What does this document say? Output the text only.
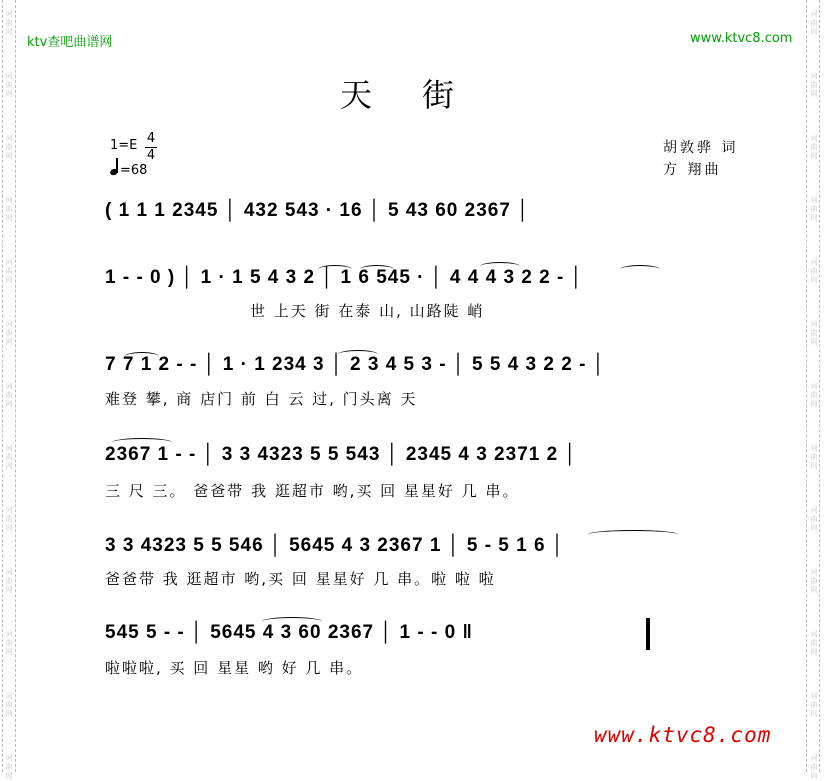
词
曲
网
词
曲
网
词
曲
网
词
曲
网
词
曲
网
词
曲
网
词
曲
网
词
曲
网
词
曲
网
词
曲
网
词
曲
网
词
曲
网
词
曲
网
词
曲
网
词
曲
网
词
曲
网
词
曲
网
词
曲
网
词
曲
网
词
曲
网
词
曲
网
词
曲
网
词
曲
网
词
曲
网
词
曲
网
词
曲
网
ktv查吧曲谱网	www.ktvc8.com
天街
1=E 4
4
=68
胡敦骅 词
方 翔曲
( 1 1 1 2345 │ 432 543 · 16 │ 5 43 60 2367 │
1 - - 0 ) │ 1 · 1 5 4 3 2 │ 1 6 545 · │ 4 4 4 3 2 2 - │
世 上天 街 在泰 山, 山路陡 峭
7 7 1 2 - - │ 1 · 1 234 3 │ 2 3 4 5 3 - │ 5 5 4 3 2 2 - │
难登 攀, 商 店门 前 白 云 过, 门头离 天
2367 1 - - │ 3 3 4323 5 5 543 │ 2345 4 3 2371 2 │
三 尺 三。 爸爸带 我 逛超市 哟,买 回 星星好 几 串。
3 3 4323 5 5 546 │ 5645 4 3 2367 1 │ 5 - 5 1 6 │
爸爸带 我 逛超市 哟,买 回 星星好 几 串。啦 啦 啦
545 5 - - │ 5645 4 3 60 2367 │ 1 - - 0 ‖
啦啦啦, 买 回 星星 哟 好 几 串。
www.ktvc8.com
